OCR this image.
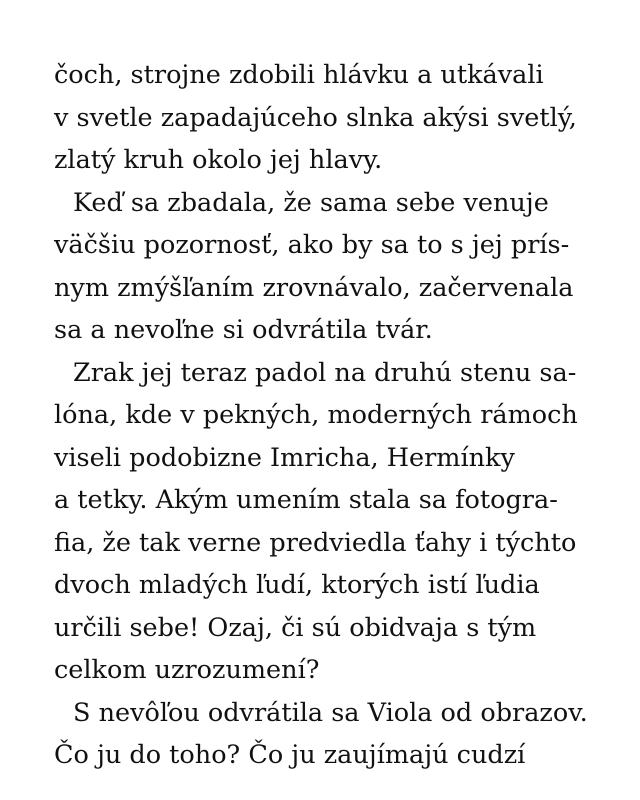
čoch, strojne zdobili hlávku a utkávali
v svetle zapadajúceho slnka akýsi svetlý,
zlatý kruh okolo jej hlavy.
Keď sa zbadala, že sama sebe venuje
väčšiu pozornosť, ako by sa to s jej prís-
nym zmýšľaním zrovnávalo, začervenala
sa a nevoľne si odvrátila tvár.
Zrak jej teraz padol na druhú stenu sa-
lóna, kde v pekných, moderných rámoch
viseli podobizne Imricha, Hermínky
a tetky. Akým umením stala sa fotogra-
fia, že tak verne predviedla ťahy i týchto
dvoch mladých ľudí, ktorých istí ľudia
určili sebe! Ozaj, či sú obidvaja s tým
celkom uzrozumení?
S nevôľou odvrátila sa Viola od obrazov.
Čo ju do toho? Čo ju zaujímajú cudzí
